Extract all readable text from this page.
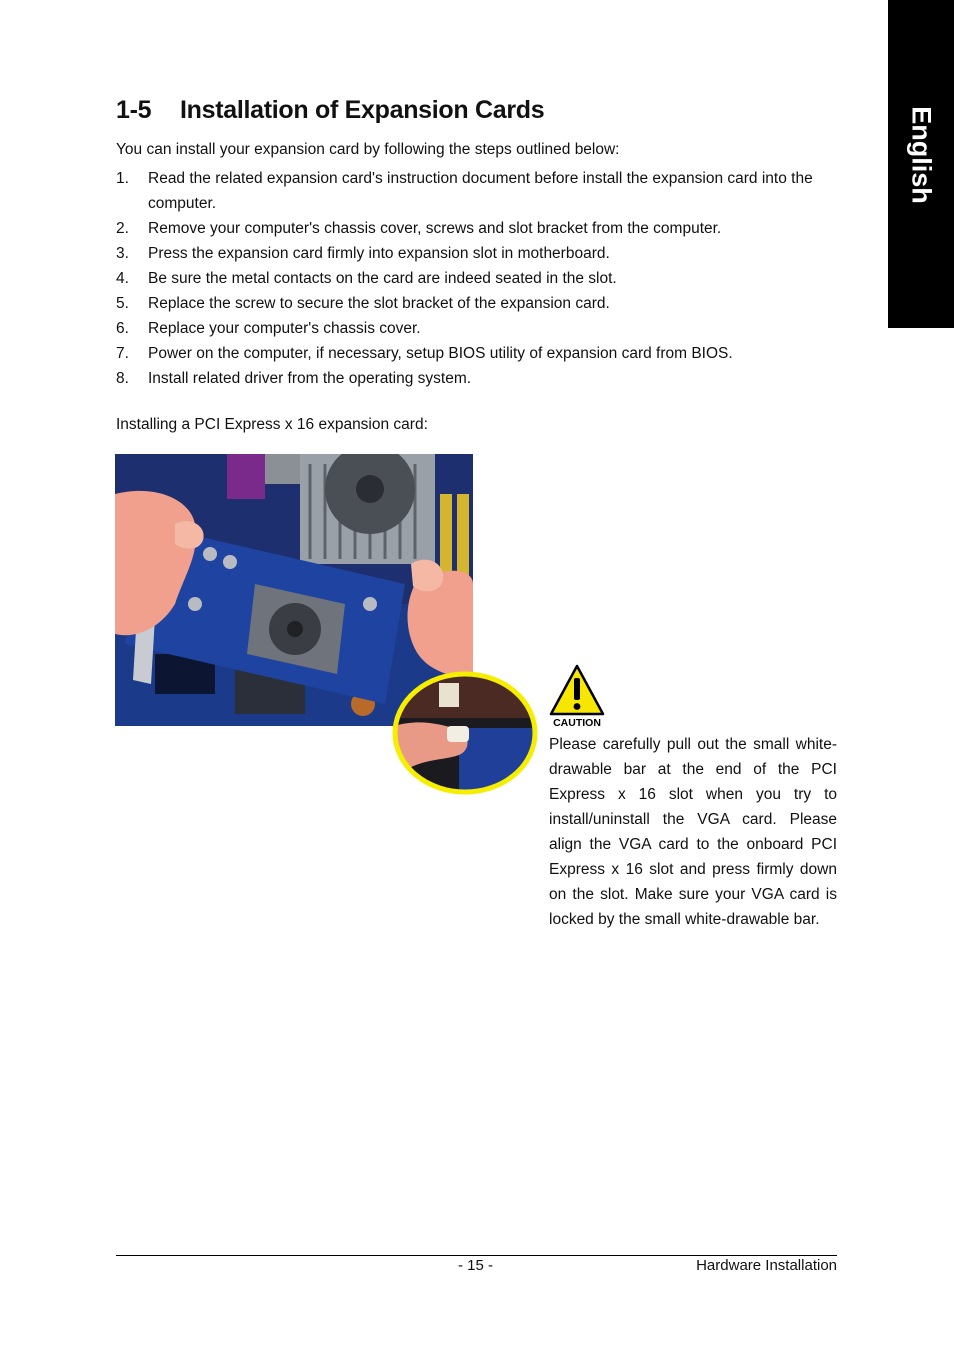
English
1-5 Installation of Expansion Cards
You can install your expansion card by following the steps outlined below:
1. Read the related expansion card's instruction document before install the expansion card into the computer.
2. Remove your computer's chassis cover, screws and slot bracket from the computer.
3. Press the expansion card firmly into expansion slot in motherboard.
4. Be sure the metal contacts on the card are indeed seated in the slot.
5. Replace the screw to secure the slot bracket of the expansion card.
6. Replace your computer's chassis cover.
7. Power on the computer, if necessary, setup BIOS utility of expansion card from BIOS.
8. Install related driver from the operating system.
Installing a PCI Express x 16 expansion card:
CAUTION
Please carefully pull out the small white-drawable bar at the end of the PCI Express x 16 slot when you try to install/uninstall the VGA card. Please align the VGA card to the onboard PCI Express x 16 slot and press firmly down on the slot. Make sure your VGA card is locked by the small white-drawable bar.
- 15 -	Hardware Installation
